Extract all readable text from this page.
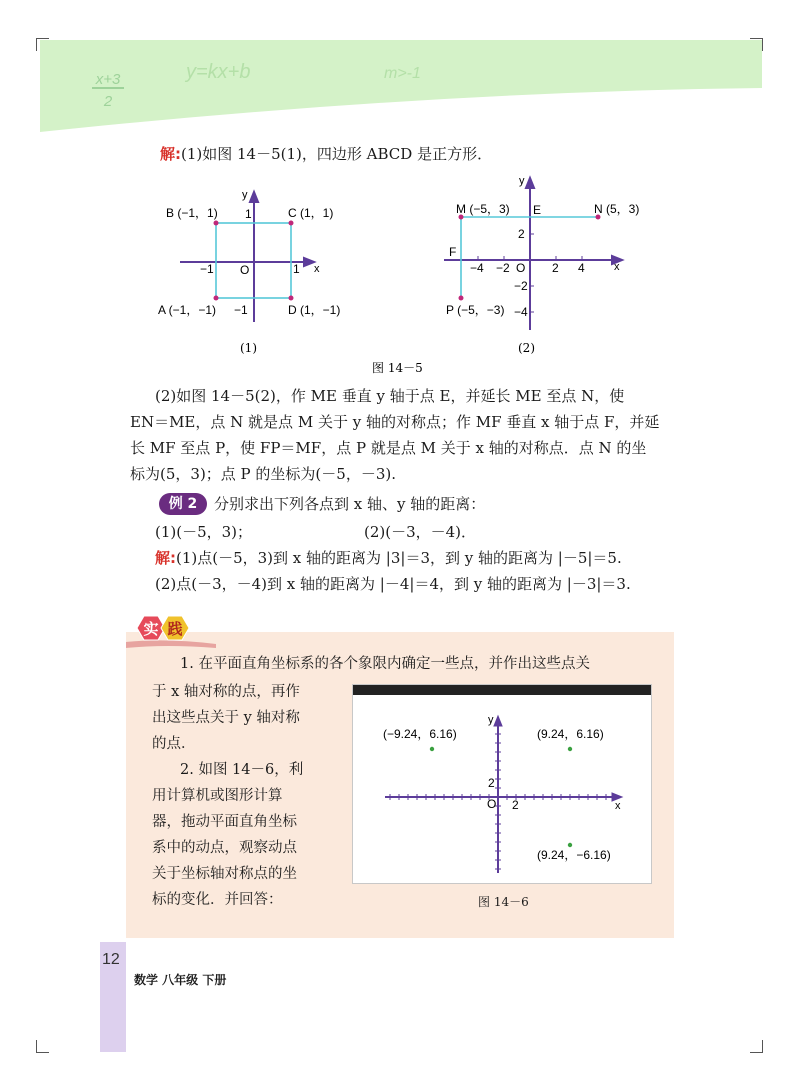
x+3
2
y=kx+b	m>-1
解:(1)如图 14－5(1)，四边形 ABCD 是正方形．
B (−1，1)	C (1，1)
A (−1，−1)	D (1，−1)
1
−1	1
−1
O	x
y
(1)
M (−5，3)	N (5，3)
P (−5，−3)
E
F
−4 −2	2 4
2
−2
−4
O	x
y
(2)
图 14－5
(2)如图 14－5(2)，作 ME 垂直 y 轴于点 E，并延长 ME 至点 N，使
EN＝ME，点 N 就是点 M 关于 y 轴的对称点；作 MF 垂直 x 轴于点 F，并延
长 MF 至点 P，使 FP＝MF，点 P 就是点 M 关于 x 轴的对称点．点 N 的坐
标为(5，3)；点 P 的坐标为(－5，－3).
例 2	分别求出下列各点到 x 轴、y 轴的距离：
(1)(－5，3)；	(2)(－3，－4)．
解:(1)点(－5，3)到 x 轴的距离为 |3|＝3，到 y 轴的距离为 |－5|＝5.
(2)点(－3，－4)到 x 轴的距离为 |－4|＝4，到 y 轴的距离为 |－3|＝3.
实 践
1. 在平面直角坐标系的各个象限内确定一些点，并作出这些点关
于 x 轴对称的点，再作
出这些点关于 y 轴对称
的点．
2. 如图 14－6，利
用计算机或图形计算
器，拖动平面直角坐标
系中的动点，观察动点
关于坐标轴对称点的坐
标的变化．并回答：
(−9.24，6.16)	(9.24，6.16)
(9.24，−6.16)
2
2
O	x
y
图 14－6
12
数学 八年级 下册
